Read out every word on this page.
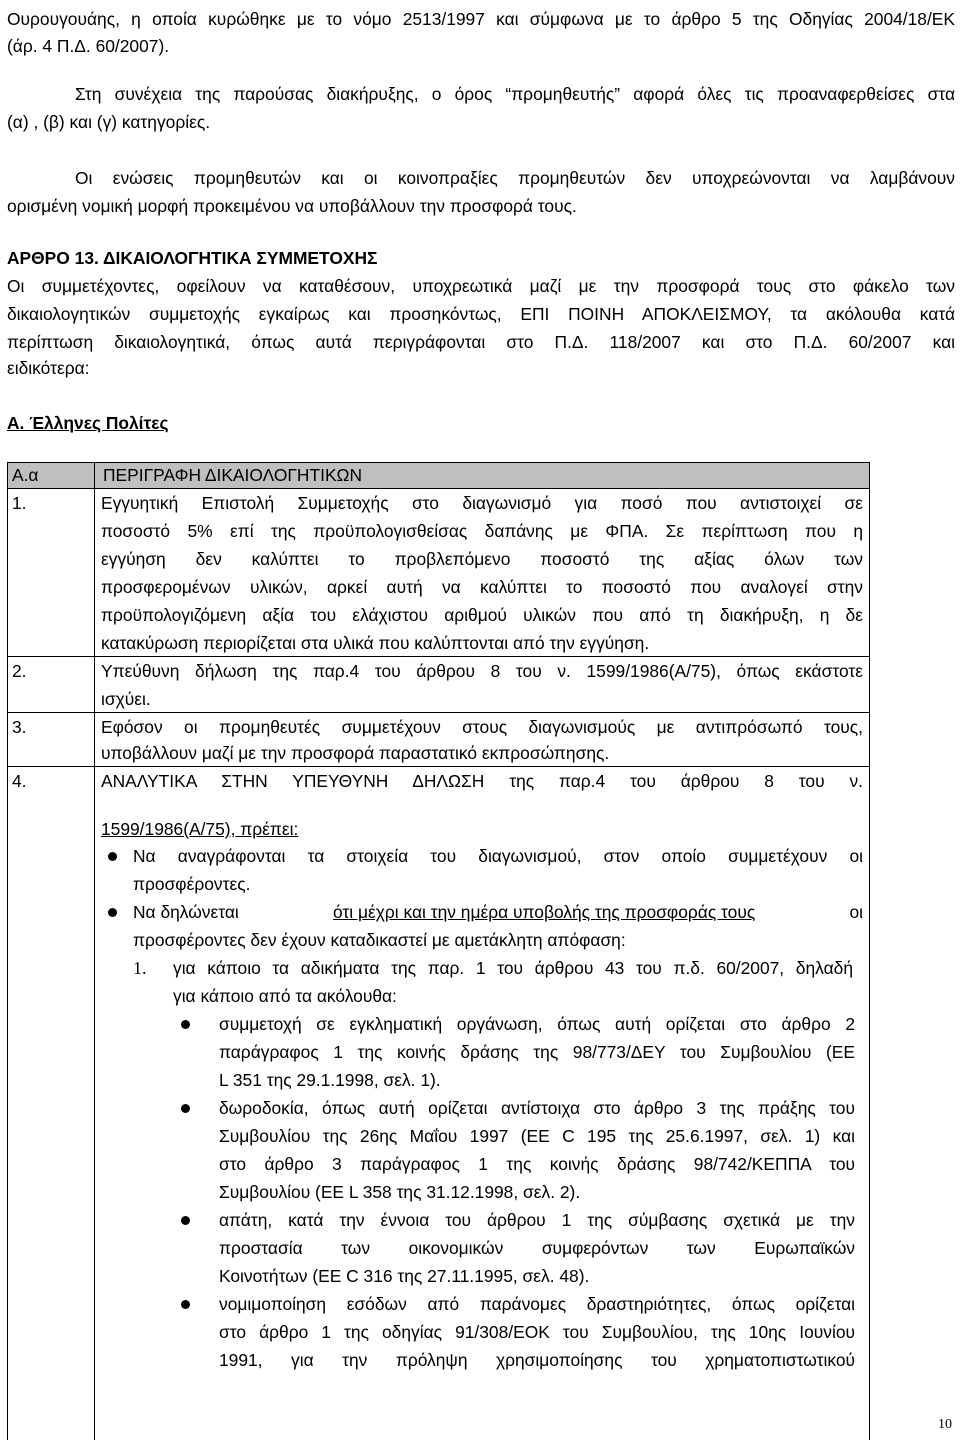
Ουρουγουάης, η οποία κυρώθηκε με το νόμο 2513/1997 και σύμφωνα με το άρθρο 5 της Οδηγίας 2004/18/ΕΚ
(άρ. 4 Π.Δ. 60/2007).
Στη συνέχεια της παρούσας διακήρυξης, ο όρος “προμηθευτής” αφορά όλες τις προαναφερθείσες στα
(α) , (β) και (γ) κατηγορίες.
Οι ενώσεις προμηθευτών και οι κοινοπραξίες προμηθευτών δεν υποχρεώνονται να λαμβάνουν
ορισμένη νομική μορφή προκειμένου να υποβάλλουν την προσφορά τους.
ΑΡΘΡΟ 13. ΔΙΚΑΙΟΛΟΓΗΤΙΚΑ ΣΥΜΜΕΤΟΧΗΣ
Οι συμμετέχοντες, οφείλουν να καταθέσουν, υποχρεωτικά μαζί με την προσφορά τους στο φάκελο των
δικαιολογητικών συμμετοχής εγκαίρως και προσηκόντως, ΕΠΙ ΠΟΙΝΗ ΑΠΟΚΛΕΙΣΜΟΥ, τα ακόλουθα κατά
περίπτωση δικαιολογητικά, όπως αυτά περιγράφονται στο Π.Δ. 118/2007 και στο Π.Δ. 60/2007 και
ειδικότερα:
Α. Έλληνες Πολίτες
Α.α	ΠΕΡΙΓΡΑΦΗ ΔΙΚΑΙΟΛΟΓΗΤΙΚΩΝ
1.	Εγγυητική Επιστολή Συμμετοχής στο διαγωνισμό για ποσό που αντιστοιχεί σε
ποσοστό 5% επί της προϋπολογισθείσας δαπάνης με ΦΠΑ. Σε περίπτωση που η
εγγύηση δεν καλύπτει το προβλεπόμενο ποσοστό της αξίας όλων των
προσφερομένων υλικών, αρκεί αυτή να καλύπτει το ποσοστό που αναλογεί στην
προϋπολογιζόμενη αξία του ελάχιστου αριθμού υλικών που από τη διακήρυξη, η δε
κατακύρωση περιορίζεται στα υλικά που καλύπτονται από την εγγύηση.
2.	Υπεύθυνη δήλωση της παρ.4 του άρθρου 8 του ν. 1599/1986(Α/75), όπως εκάστοτε
ισχύει.
3.	Εφόσον οι προμηθευτές συμμετέχουν στους διαγωνισμούς με αντιπρόσωπό τους,
υποβάλλουν μαζί με την προσφορά παραστατικό εκπροσώπησης.
4.	ΑΝΑΛΥΤΙΚΑ ΣΤΗΝ ΥΠΕΥΘΥΝΗ ΔΗΛΩΣΗ της παρ.4 του άρθρου 8 του ν.
1599/1986(Α/75), πρέπει:
Να αναγράφονται τα στοιχεία του διαγωνισμού, στον οποίο συμμετέχουν οι
προσφέροντες.
Να δηλώνεται	ότι μέχρι και την ημέρα υποβολής της προσφοράς τους	οι
προσφέροντες δεν έχουν καταδικαστεί με αμετάκλητη απόφαση:
1. για κάποιο τα αδικήματα της παρ. 1 του άρθρου 43 του π.δ. 60/2007, δηλαδή
για κάποιο από τα ακόλουθα:
συμμετοχή σε εγκληματική οργάνωση, όπως αυτή ορίζεται στο άρθρο 2
παράγραφος 1 της κοινής δράσης της 98/773/ΔΕΥ του Συμβουλίου (ΕΕ
L 351 της 29.1.1998, σελ. 1).
δωροδοκία, όπως αυτή ορίζεται αντίστοιχα στο άρθρο 3 της πράξης του
Συμβουλίου της 26ης Μαΐου 1997 (ΕΕ C 195 της 25.6.1997, σελ. 1) και
στο άρθρο 3 παράγραφος 1 της κοινής δράσης 98/742/ΚΕΠΠΑ του
Συμβουλίου (ΕΕ L 358 της 31.12.1998, σελ. 2).
απάτη, κατά την έννοια του άρθρου 1 της σύμβασης σχετικά με την
προστασία των οικονομικών συμφερόντων των Ευρωπαϊκών
Κοινοτήτων (ΕΕ C 316 της 27.11.1995, σελ. 48).
νομιμοποίηση εσόδων από παράνομες δραστηριότητες, όπως ορίζεται
στο άρθρο 1 της οδηγίας 91/308/ΕΟΚ του Συμβουλίου, της 10ης Ιουνίου
1991, για την πρόληψη χρησιμοποίησης του χρηματοπιστωτικού
10
